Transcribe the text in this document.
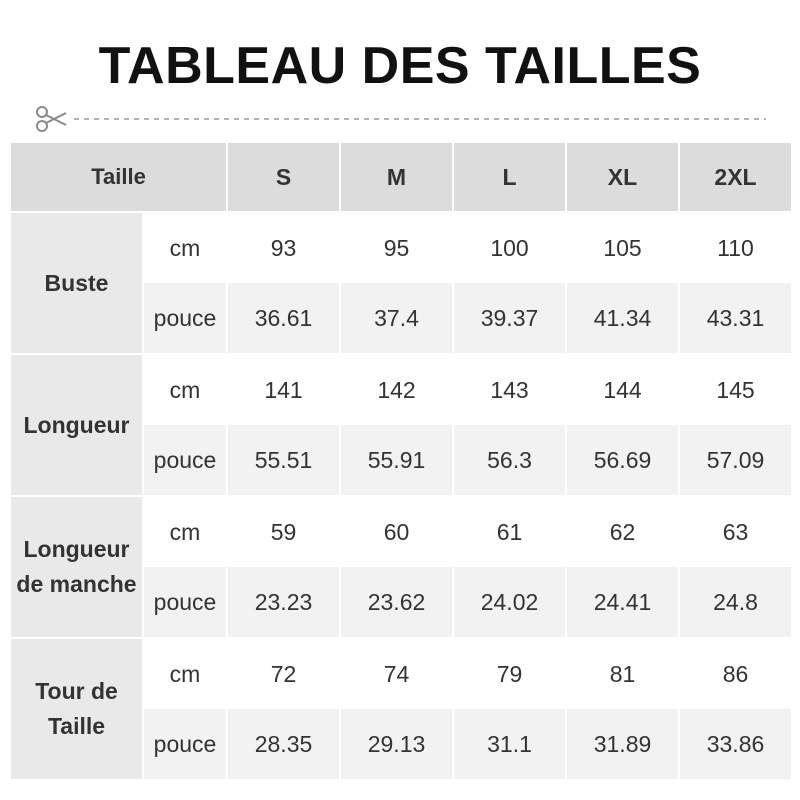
TABLEAU DES TAILLES
Taille		S	M	L	XL	2XL

Buste	cm	93	95	100	105	110
	pouce	36.61	37.4	39.37	41.34	43.31

Longueur	cm	141	142	143	144	145
	pouce	55.51	55.91	56.3	56.69	57.09

Longueur de manche	cm	59	60	61	62	63
	pouce	23.23	23.62	24.02	24.41	24.8

Tour de Taille	cm	72	74	79	81	86
	pouce	28.35	29.13	31.1	31.89	33.86
